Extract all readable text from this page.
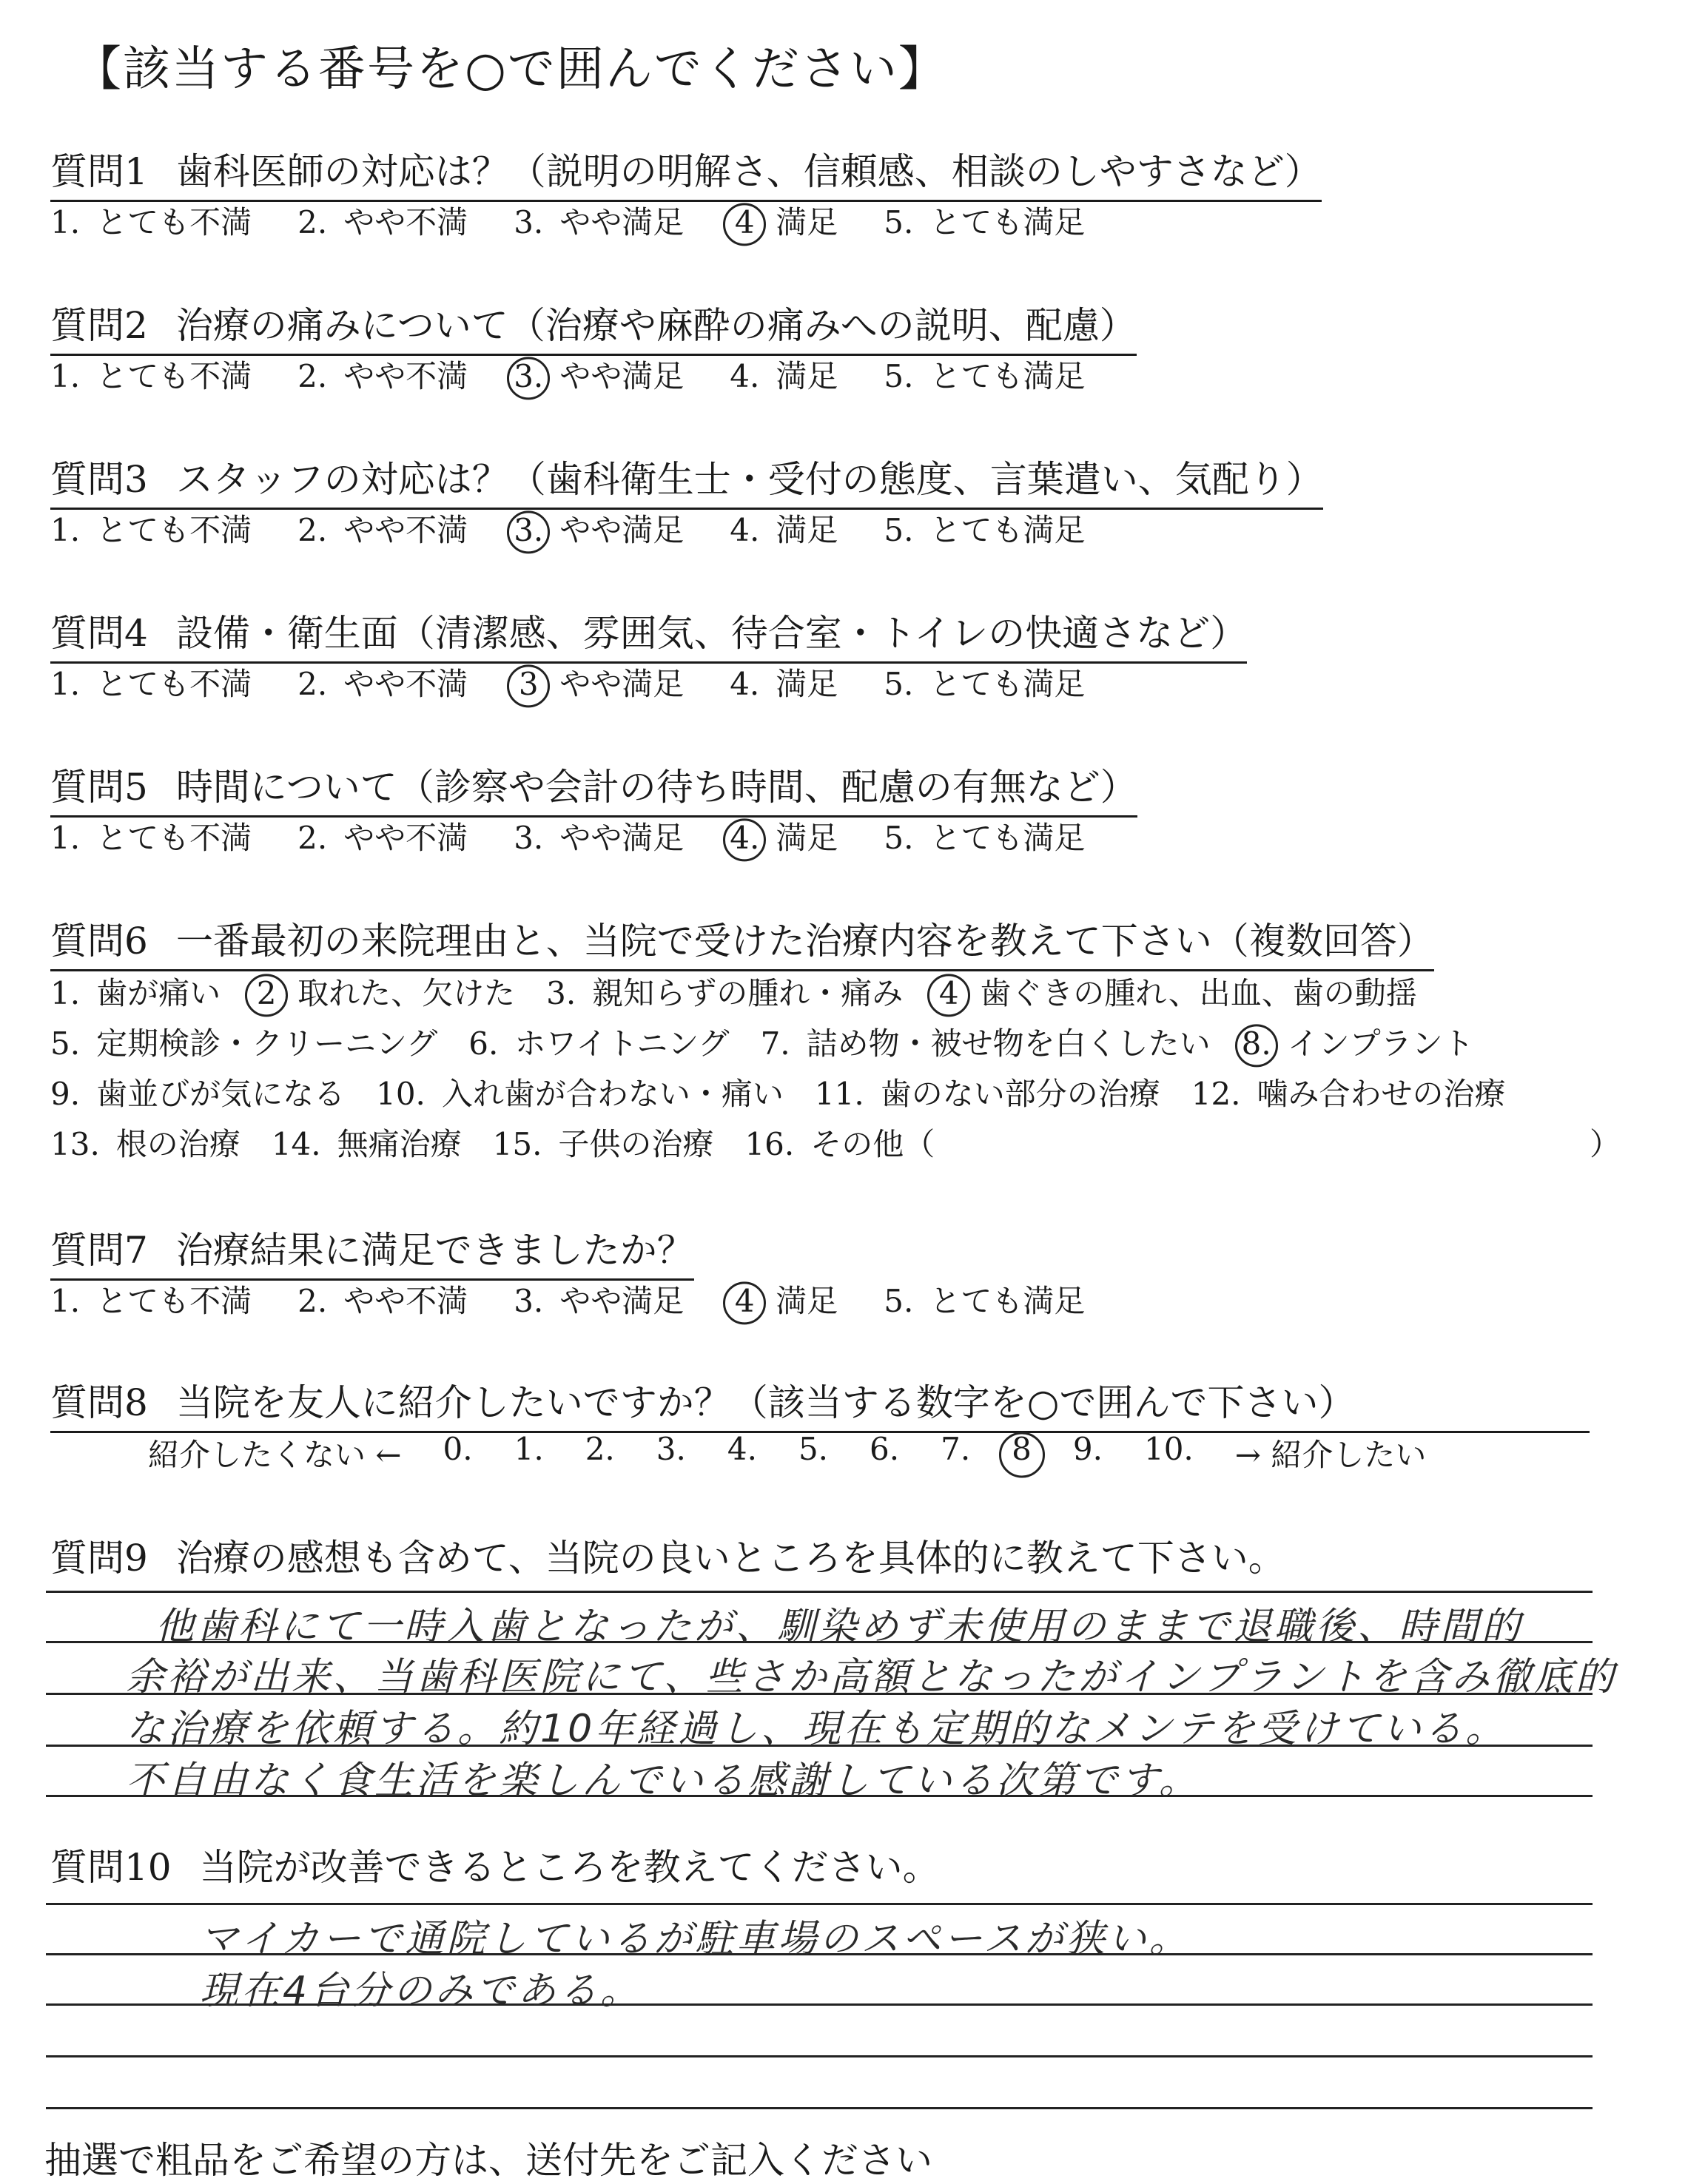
【該当する番号を○で囲んでください】
質問1 歯科医師の対応は？（説明の明解さ、信頼感、相談のしやすさなど）
1. とても不満 2. やや不満 3. やや満足 4 満足 5. とても満足
質問2 治療の痛みについて（治療や麻酔の痛みへの説明、配慮）
1. とても不満 2. やや不満 3. やや満足 4. 満足 5. とても満足
質問3 スタッフの対応は？（歯科衛生士・受付の態度、言葉遣い、気配り）
1. とても不満 2. やや不満 3. やや満足 4. 満足 5. とても満足
質問4 設備・衛生面（清潔感、雰囲気、待合室・トイレの快適さなど）
1. とても不満 2. やや不満 3 やや満足 4. 満足 5. とても満足
質問5 時間について（診察や会計の待ち時間、配慮の有無など）
1. とても不満 2. やや不満 3. やや満足 4. 満足 5. とても満足
質問6 一番最初の来院理由と、当院で受けた治療内容を教えて下さい（複数回答）
1. 歯が痛い 2 取れた、欠けた 3. 親知らずの腫れ・痛み 4 歯ぐきの腫れ、出血、歯の動揺
5. 定期検診・クリーニング 6. ホワイトニング 7. 詰め物・被せ物を白くしたい 8. インプラント
9. 歯並びが気になる 10. 入れ歯が合わない・痛い 11. 歯のない部分の治療 12. 噛み合わせの治療
13. 根の治療 14. 無痛治療 15. 子供の治療 16. その他（	）
質問7 治療結果に満足できましたか？
1. とても不満 2. やや不満 3. やや満足 4 満足 5. とても満足
質問8 当院を友人に紹介したいですか？（該当する数字を○で囲んで下さい）
紹介したくない ← 0. 1. 2. 3. 4. 5. 6. 7. 8 9. 10. → 紹介したい
質問9 治療の感想も含めて、当院の良いところを具体的に教えて下さい。
他歯科にて一時入歯となったが、馴染めず未使用のままで退職後、時間的
余裕が出来、当歯科医院にて、些さか高額となったがインプラントを含み徹底的
な治療を依頼する。約10年経過し、現在も定期的なメンテを受けている。
不自由なく食生活を楽しんでいる感謝している次第です。
質問10 当院が改善できるところを教えてください。
マイカーで通院しているが駐車場のスペースが狭い。
現在4台分のみである。
抽選で粗品をご希望の方は、送付先をご記入ください
